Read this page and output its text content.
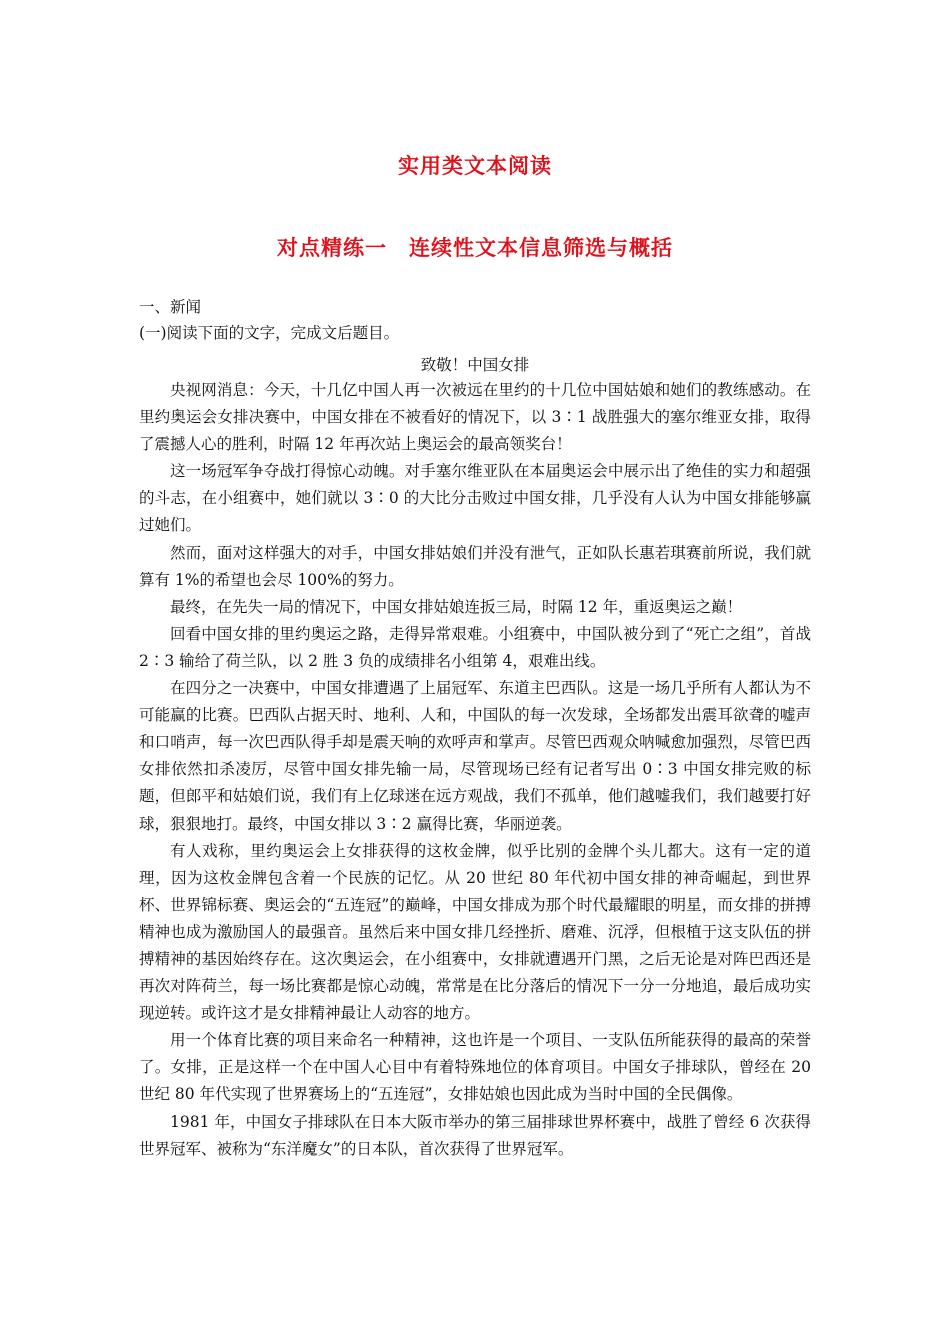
实用类文本阅读
对点精练一　连续性文本信息筛选与概括
一、新闻
(一)阅读下面的文字，完成文后题目。
致敬！中国女排

央视网消息：今天，十几亿中国人再一次被远在里约的十几位中国姑娘和她们的教练感动。在里约奥运会女排决赛中，中国女排在不被看好的情况下，以 3∶1 战胜强大的塞尔维亚女排，取得了震撼人心的胜利，时隔 12 年再次站上奥运会的最高领奖台！

这一场冠军争夺战打得惊心动魄。对手塞尔维亚队在本届奥运会中展示出了绝佳的实力和超强的斗志，在小组赛中，她们就以 3∶0 的大比分击败过中国女排，几乎没有人认为中国女排能够赢过她们。

然而，面对这样强大的对手，中国女排姑娘们并没有泄气，正如队长惠若琪赛前所说，我们就算有 1%的希望也会尽 100%的努力。

最终，在先失一局的情况下，中国女排姑娘连扳三局，时隔 12 年，重返奥运之巅！

回看中国女排的里约奥运之路，走得异常艰难。小组赛中，中国队被分到了“死亡之组”，首战 2∶3 输给了荷兰队，以 2 胜 3 负的成绩排名小组第 4，艰难出线。

在四分之一决赛中，中国女排遭遇了上届冠军、东道主巴西队。这是一场几乎所有人都认为不可能赢的比赛。巴西队占据天时、地利、人和，中国队的每一次发球，全场都发出震耳欲聋的嘘声和口哨声，每一次巴西队得手却是震天响的欢呼声和掌声。尽管巴西观众呐喊愈加强烈，尽管巴西女排依然扣杀凌厉，尽管中国女排先输一局，尽管现场已经有记者写出 0∶3 中国女排完败的标题，但郎平和姑娘们说，我们有上亿球迷在远方观战，我们不孤单，他们越嘘我们，我们越要打好球，狠狠地打。最终，中国女排以 3∶2 赢得比赛，华丽逆袭。

有人戏称，里约奥运会上女排获得的这枚金牌，似乎比别的金牌个头儿都大。这有一定的道理，因为这枚金牌包含着一个民族的记忆。从 20 世纪 80 年代初中国女排的神奇崛起，到世界杯、世界锦标赛、奥运会的“五连冠”的巅峰，中国女排成为那个时代最耀眼的明星，而女排的拼搏精神也成为激励国人的最强音。虽然后来中国女排几经挫折、磨难、沉浮，但根植于这支队伍的拼搏精神的基因始终存在。这次奥运会，在小组赛中，女排就遭遇开门黑，之后无论是对阵巴西还是再次对阵荷兰，每一场比赛都是惊心动魄，常常是在比分落后的情况下一分一分地追，最后成功实现逆转。或许这才是女排精神最让人动容的地方。

用一个体育比赛的项目来命名一种精神，这也许是一个项目、一支队伍所能获得的最高的荣誉了。女排，正是这样一个在中国人心目中有着特殊地位的体育项目。中国女子排球队，曾经在 20 世纪 80 年代实现了世界赛场上的“五连冠”，女排姑娘也因此成为当时中国的全民偶像。

1981 年，中国女子排球队在日本大阪市举办的第三届排球世界杯赛中，战胜了曾经 6 次获得世界冠军、被称为“东洋魔女”的日本队，首次获得了世界冠军。
